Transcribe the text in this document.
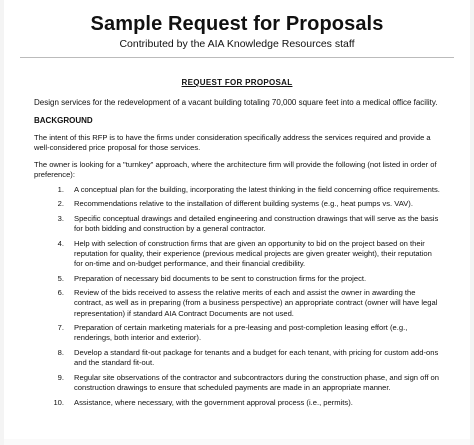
Sample Request for Proposals

Contributed by the AIA Knowledge Resources staff

REQUEST FOR PROPOSAL

Design services for the redevelopment of a vacant building totaling 70,000 square feet into a medical office facility.

BACKGROUND

The intent of this RFP is to have the firms under consideration specifically address the services required and provide a well-considered price proposal for those services.

The owner is looking for a "turnkey" approach, where the architecture firm will provide the following (not listed in order of preference):

1.	A conceptual plan for the building, incorporating the latest thinking in the field concerning office requirements.
2.	Recommendations relative to the installation of different building systems (e.g., heat pumps vs. VAV).
3.	Specific conceptual drawings and detailed engineering and construction drawings that will serve as the basis for both bidding and construction by a general contractor.
4.	Help with selection of construction firms that are given an opportunity to bid on the project based on their reputation for quality, their experience (previous medical projects are given greater weight), their reputation for on-time and on-budget performance, and their financial credibility.
5.	Preparation of necessary bid documents to be sent to construction firms for the project.
6.	Review of the bids received to assess the relative merits of each and assist the owner in awarding the contract, as well as in preparing (from a business perspective) an appropriate contract (owner will have legal representation) if standard AIA Contract Documents are not used.
7.	Preparation of certain marketing materials for a pre-leasing and post-completion leasing effort (e.g., renderings, both interior and exterior).
8.	Develop a standard fit-out package for tenants and a budget for each tenant, with pricing for custom add-ons and the standard fit-out.
9.	Regular site observations of the contractor and subcontractors during the construction phase, and sign off on construction drawings to ensure that scheduled payments are made in an appropriate manner.
10.	Assistance, where necessary, with the government approval process (i.e., permits).
